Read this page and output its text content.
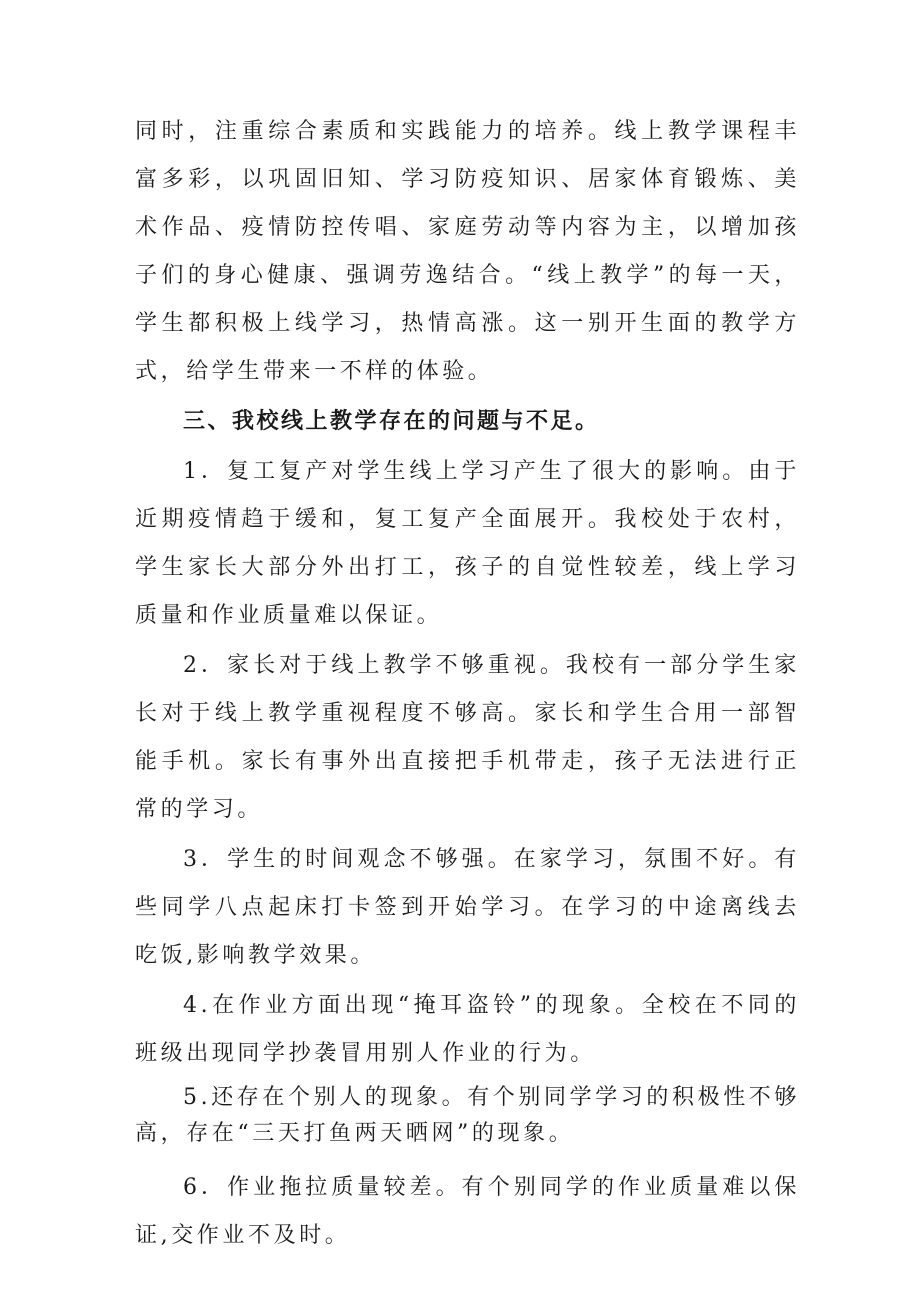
同时，注重综合素质和实践能力的培养。线上教学课程丰富多彩，以巩固旧知、学习防疫知识、居家体育锻炼、美术作品、疫情防控传唱、家庭劳动等内容为主，以增加孩子们的身心健康、强调劳逸结合。“线上教学”的每一天，学生都积极上线学习，热情高涨。这一别开生面的教学方式，给学生带来一不样的体验。

三、我校线上教学存在的问题与不足。

1．复工复产对学生线上学习产生了很大的影响。由于近期疫情趋于缓和，复工复产全面展开。我校处于农村，学生家长大部分外出打工，孩子的自觉性较差，线上学习质量和作业质量难以保证。

2．家长对于线上教学不够重视。我校有一部分学生家长对于线上教学重视程度不够高。家长和学生合用一部智能手机。家长有事外出直接把手机带走，孩子无法进行正常的学习。

3．学生的时间观念不够强。在家学习，氛围不好。有些同学八点起床打卡签到开始学习。在学习的中途离线去吃饭,影响教学效果。

4.在作业方面出现“掩耳盗铃”的现象。全校在不同的班级出现同学抄袭冒用别人作业的行为。

5.还存在个别人的现象。有个别同学学习的积极性不够高，存在“三天打鱼两天晒网”的现象。

6．作业拖拉质量较差。有个别同学的作业质量难以保证,交作业不及时。
